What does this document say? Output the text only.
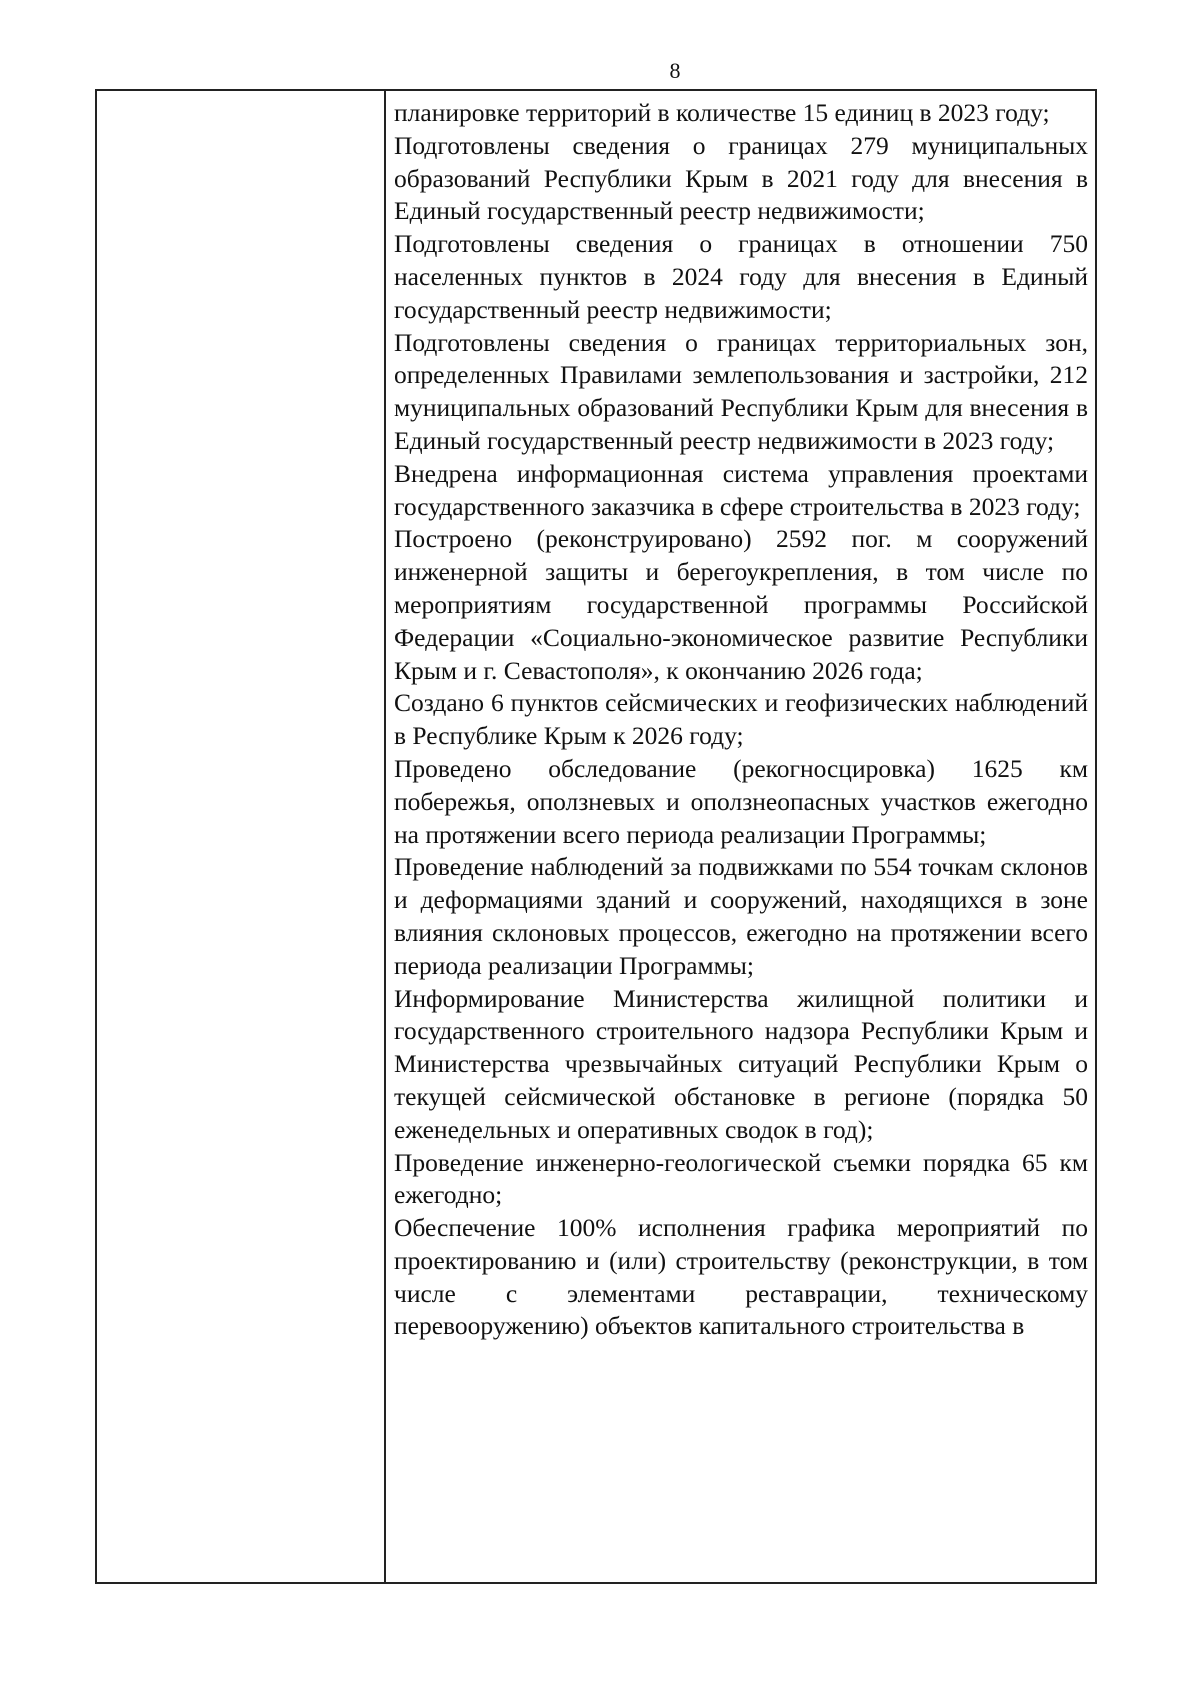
8

планировке территорий в количестве 15 единиц в 2023 году;

Подготовлены сведения о границах 279 муниципальных образований Республики Крым в 2021 году для внесения в Единый государственный реестр недвижимости;

Подготовлены сведения о границах в отношении 750 населенных пунктов в 2024 году для внесения в Единый государственный реестр недвижимости;

Подготовлены сведения о границах территориальных зон, определенных Правилами землепользования и застройки, 212 муниципальных образований Республики Крым для внесения в Единый государственный реестр недвижимости в 2023 году;

Внедрена информационная система управления проектами государственного заказчика в сфере строительства в 2023 году;

Построено (реконструировано) 2592 пог. м сооружений инженерной защиты и берегоукрепления, в том числе по мероприятиям государственной программы Российской Федерации «Социально-экономическое развитие Республики Крым и г. Севастополя», к окончанию 2026 года;

Создано 6 пунктов сейсмических и геофизических наблюдений в Республике Крым к 2026 году;

Проведено обследование (рекогносцировка) 1625 км побережья, оползневых и оползнеопасных участков ежегодно на протяжении всего периода реализации Программы;

Проведение наблюдений за подвижками по 554 точкам склонов и деформациями зданий и сооружений, находящихся в зоне влияния склоновых процессов, ежегодно на протяжении всего периода реализации Программы;

Информирование Министерства жилищной политики и государственного строительного надзора Республики Крым и Министерства чрезвычайных ситуаций Республики Крым о текущей сейсмической обстановке в регионе (порядка 50 еженедельных и оперативных сводок в год);

Проведение инженерно-геологической съемки порядка 65 км ежегодно;

Обеспечение 100% исполнения графика мероприятий по проектированию и (или) строительству (реконструкции, в том числе с элементами реставрации, техническому перевооружению) объектов капитального строительства в
